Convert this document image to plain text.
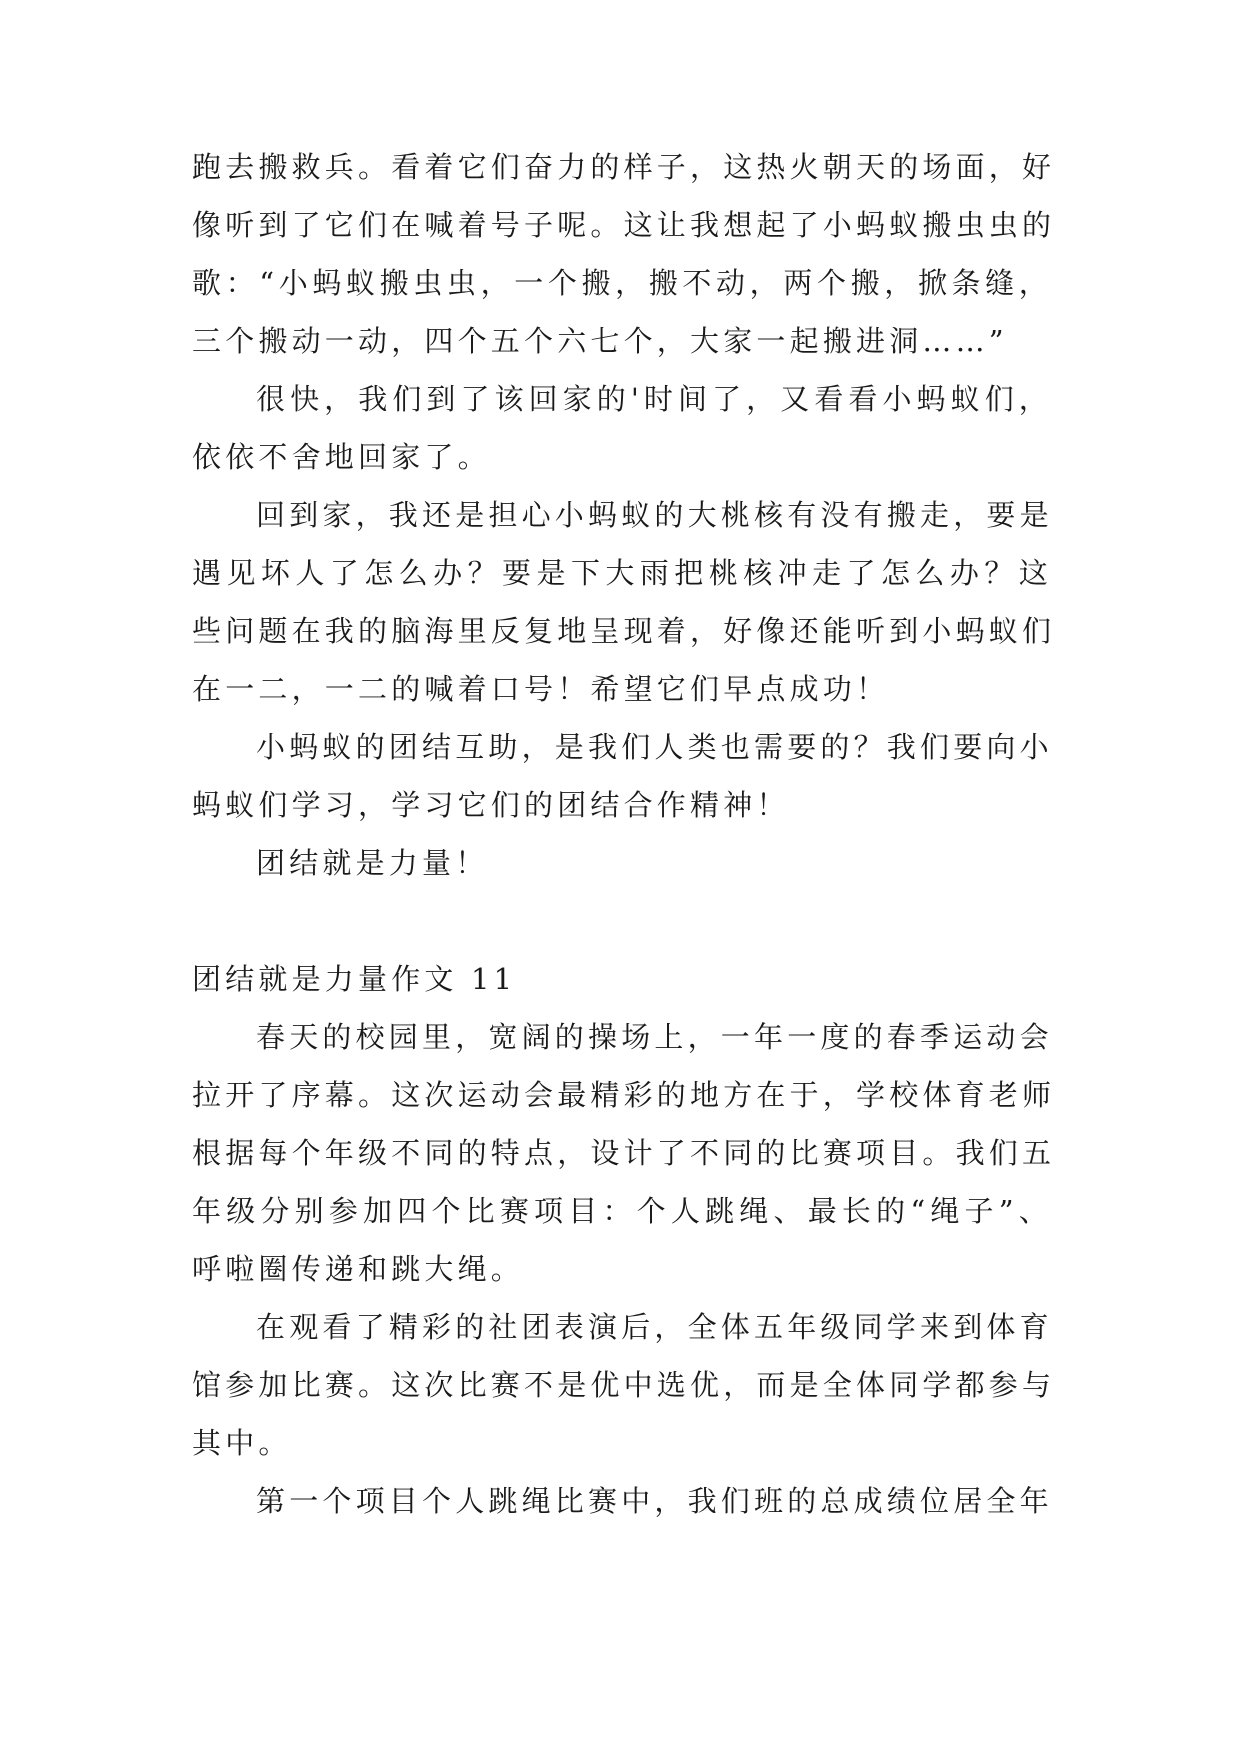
跑去搬救兵。看着它们奋力的样子，这热火朝天的场面，好
像听到了它们在喊着号子呢。这让我想起了小蚂蚁搬虫虫的
歌：“小蚂蚁搬虫虫，一个搬，搬不动，两个搬，掀条缝，
三个搬动一动，四个五个六七个，大家一起搬进洞……”
很快，我们到了该回家的'时间了，又看看小蚂蚁们，
依依不舍地回家了。
回到家，我还是担心小蚂蚁的大桃核有没有搬走，要是
遇见坏人了怎么办？要是下大雨把桃核冲走了怎么办？这
些问题在我的脑海里反复地呈现着，好像还能听到小蚂蚁们
在一二，一二的喊着口号！希望它们早点成功！
小蚂蚁的团结互助，是我们人类也需要的？我们要向小
蚂蚁们学习，学习它们的团结合作精神！
团结就是力量！
团结就是力量作文 11
春天的校园里，宽阔的操场上，一年一度的春季运动会
拉开了序幕。这次运动会最精彩的地方在于，学校体育老师
根据每个年级不同的特点，设计了不同的比赛项目。我们五
年级分别参加四个比赛项目：个人跳绳、最长的“绳子”、
呼啦圈传递和跳大绳。
在观看了精彩的社团表演后，全体五年级同学来到体育
馆参加比赛。这次比赛不是优中选优，而是全体同学都参与
其中。
第一个项目个人跳绳比赛中，我们班的总成绩位居全年
